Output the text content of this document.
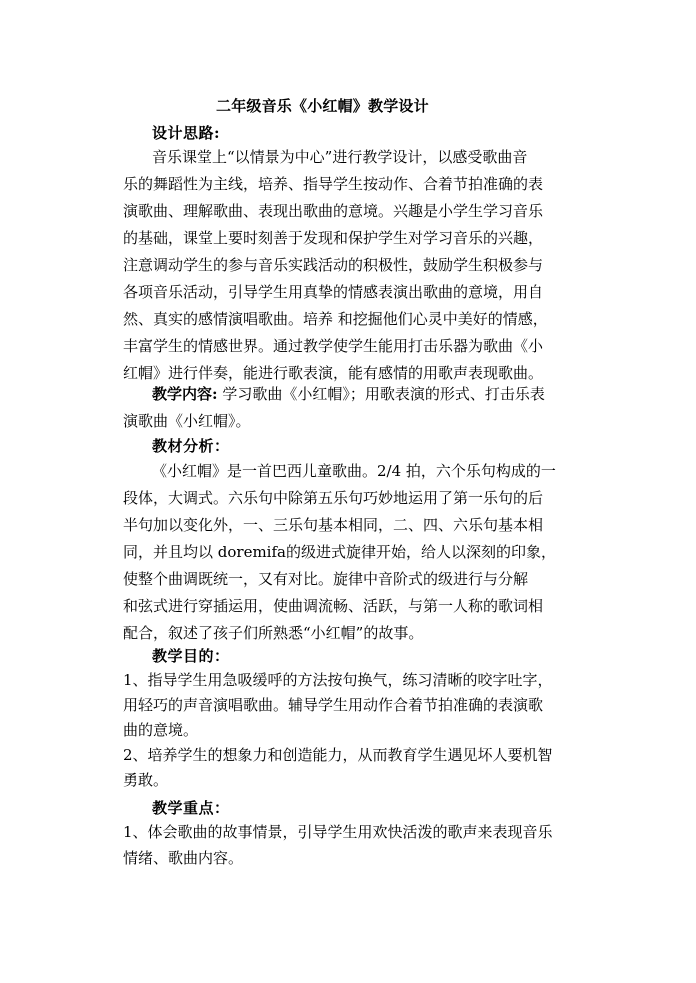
二年级音乐《小红帽》教学设计
设计思路:
音乐课堂上“以情景为中心”进行教学设计，以感受歌曲音
乐的舞蹈性为主线，培养、指导学生按动作、合着节拍准确的表
演歌曲、理解歌曲、表现出歌曲的意境。兴趣是小学生学习音乐
的基础，课堂上要时刻善于发现和保护学生对学习音乐的兴趣，
注意调动学生的参与音乐实践活动的积极性，鼓励学生积极参与
各项音乐活动，引导学生用真挚的情感表演出歌曲的意境，用自
然、真实的感情演唱歌曲。培养 和挖掘他们心灵中美好的情感，
丰富学生的情感世界。通过教学使学生能用打击乐器为歌曲《小
红帽》进行伴奏，能进行歌表演，能有感情的用歌声表现歌曲。
教学内容: 学习歌曲《小红帽》；用歌表演的形式、打击乐表
演歌曲《小红帽》。
教材分析：
《小红帽》是一首巴西儿童歌曲。2/4 拍，六个乐句构成的一
段体，大调式。六乐句中除第五乐句巧妙地运用了第一乐句的后
半句加以变化外，一、三乐句基本相同，二、四、六乐句基本相
同，并且均以 doremifa的级进式旋律开始，给人以深刻的印象，
使整个曲调既统一，又有对比。旋律中音阶式的级进行与分解
和弦式进行穿插运用，使曲调流畅、活跃，与第一人称的歌词相
配合，叙述了孩子们所熟悉“小红帽”的故事。
教学目的：
1、指导学生用急吸缓呼的方法按句换气，练习清晰的咬字吐字，
用轻巧的声音演唱歌曲。辅导学生用动作合着节拍准确的表演歌
曲的意境。
2、培养学生的想象力和创造能力，从而教育学生遇见坏人要机智
勇敢。
教学重点：
1、体会歌曲的故事情景，引导学生用欢快活泼的歌声来表现音乐
情绪、歌曲内容。
